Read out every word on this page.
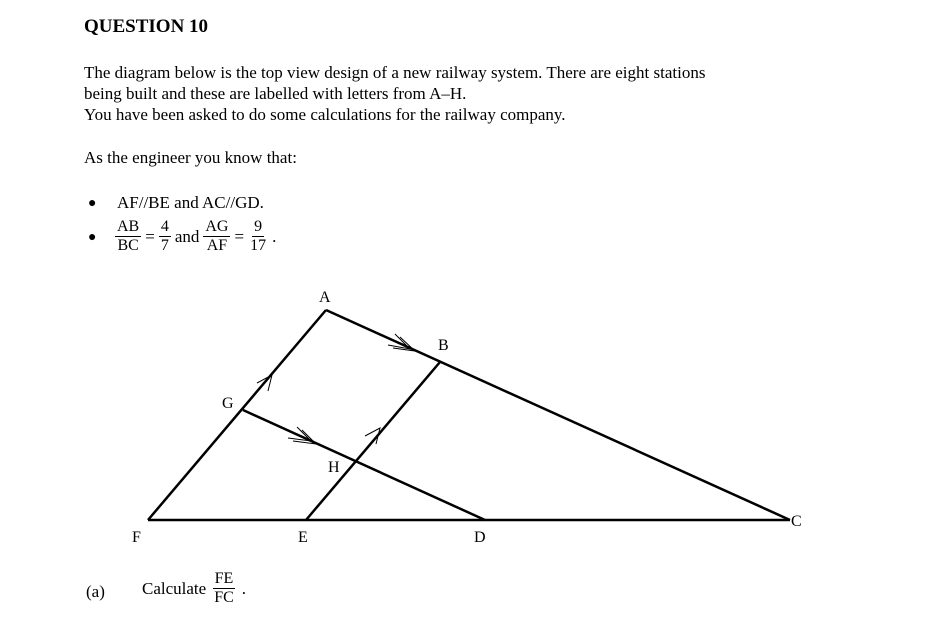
QUESTION 10
The diagram below is the top view design of a new railway system. There are eight stations
being built and these are labelled with letters from A–H.
You have been asked to do some calculations for the railway company.
As the engineer you know that:
● AF//BE and AC//GD.
● $\frac{AB}{BC} = \frac{4}{7}$ and $\frac{AG}{AF} = \frac{9}{17}$ .
A
B
C
D
E
F
G
H
(a) Calculate $\frac{FE}{FC}$ .
